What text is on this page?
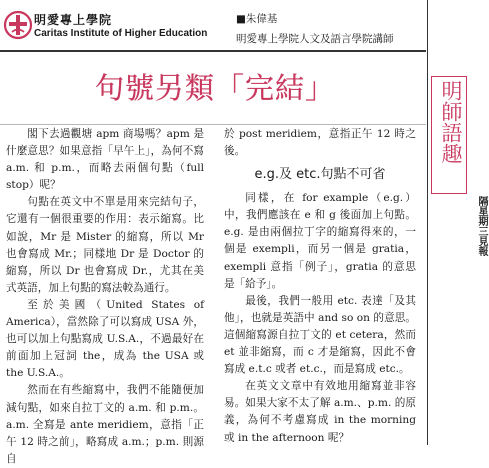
明愛專上學院
Caritas Institute of Higher Education
■朱偉基
明愛專上學院人文及語言學院講師
句號另類「完結」

閣下去過觀塘 apm 商場嗎？apm 是什麼意思？如果意指「早午上」，為何不寫 a.m. 和 p.m.，而略去兩個句點（full stop）呢？

句點在英文中不單是用來完結句子，它還有一個很重要的作用：表示縮寫。比如說，Mr 是 Mister 的縮寫，所以 Mr 也會寫成 Mr.；同樣地 Dr 是 Doctor 的縮寫，所以 Dr 也會寫成 Dr.，尤其在美式英語，加上句點的寫法較為通行。

至於美國（United States of America），當然除了可以寫成 USA 外，也可以加上句點寫成 U.S.A.，不過最好在前面加上冠詞 the，成為 the USA 或 the U.S.A.。

然而在有些縮寫中，我們不能隨便加減句點，如來自拉丁文的 a.m. 和 p.m.。a.m. 全寫是 ante meridiem，意指「正午 12 時之前」，略寫成 a.m.；p.m. 則源自

於 post meridiem，意指正午 12 時之後。

e.g.及 etc.句點不可省

同樣，在 for example（e.g.）中，我們應該在 e 和 g 後面加上句點。 e.g. 是由兩個拉丁字的縮寫得來的，一個是 exempli，而另一個是 gratia，exempli 意指「例子」，gratia 的意思是「給予」。

最後，我們一般用 etc. 表達「及其他」，也就是英語中 and so on 的意思。這個縮寫源自拉丁文的 et cetera，然而 et 並非縮寫，而 c 才是縮寫，因此不會寫成 e.t.c 或者 et.c.，而是寫成 etc.。

在英文文章中有效地用縮寫並非容易。如果大家不太了解 a.m.、p.m. 的原義，為何不考慮寫成 in the morning 或 in the afternoon 呢？

明師語趣
隔星期三見報
